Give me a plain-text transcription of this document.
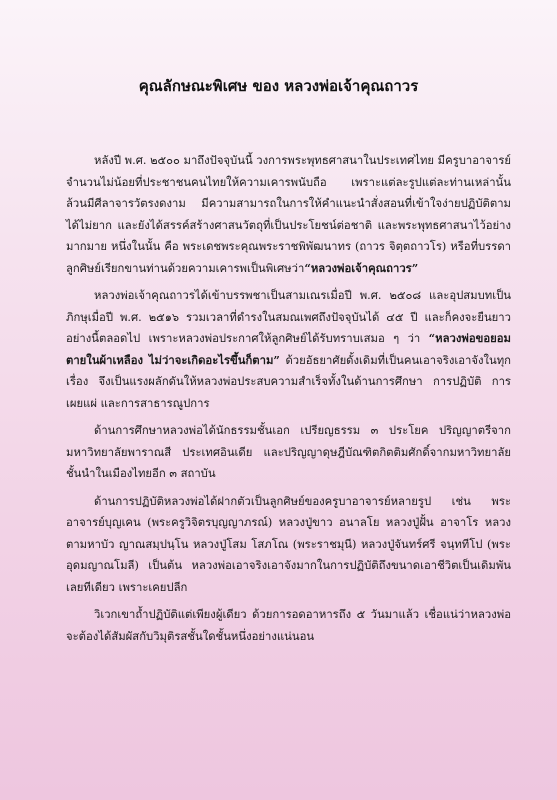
คุณลักษณะพิเศษ ของ หลวงพ่อเจ้าคุณถาวร

หลังปี พ.ศ. ๒๕๐๐ มาถึงปัจจุบันนี้ วงการพระพุทธศาสนาในประเทศไทย มีครูบาอาจารย์จำนวนไม่น้อยที่ประชาชนคนไทยให้ความเคารพนับถือ เพราะแต่ละรูปแต่ละท่านเหล่านั้น ล้วนมีศีลาจารวัตรงดงาม มีความสามารถในการให้คำแนะนำสั่งสอนที่เข้าใจง่ายปฏิบัติตามได้ไม่ยาก และยังได้สรรค์สร้างศาสนวัตถุที่เป็นประโยชน์ต่อชาติ และพระพุทธศาสนาไว้อย่างมากมาย หนึ่งในนั้น คือ พระเดชพระคุณพระราชพิพัฒนาทร (ถาวร จิตฺตถาวโร) หรือที่บรรดาลูกศิษย์เรียกขานท่านด้วยความเคารพเป็นพิเศษว่า“หลวงพ่อเจ้าคุณถาวร”

หลวงพ่อเจ้าคุณถาวรได้เข้าบรรพชาเป็นสามเณรเมื่อปี พ.ศ. ๒๕๐๘ และอุปสมบทเป็นภิกษุเมื่อปี พ.ศ. ๒๕๑๖ รวมเวลาที่ดำรงในสมณเพศถึงปัจจุบันได้ ๔๕ ปี และก็คงจะยืนยาวอย่างนี้ตลอดไป เพราะหลวงพ่อประกาศให้ลูกศิษย์ได้รับทราบเสมอ ๆ ว่า “หลวงพ่อขอยอมตายในผ้าเหลือง ไม่ว่าจะเกิดอะไรขึ้นก็ตาม” ด้วยอัธยาศัยดั้งเดิมที่เป็นคนเอาจริงเอาจังในทุกเรื่อง จึงเป็นแรงผลักดันให้หลวงพ่อประสบความสำเร็จทั้งในด้านการศึกษา การปฏิบัติ การเผยแผ่ และการสาธารณูปการ

ด้านการศึกษาหลวงพ่อได้นักธรรมชั้นเอก เปรียญธรรม ๓ ประโยค ปริญญาตรีจากมหาวิทยาลัยพาราณสี ประเทศอินเดีย และปริญญาดุษฎีบัณฑิตกิตติมศักดิ์จากมหาวิทยาลัยชั้นนำในเมืองไทยอีก ๓ สถาบัน

ด้านการปฏิบัติหลวงพ่อได้ฝากตัวเป็นลูกศิษย์ของครูบาอาจารย์หลายรูป เช่น พระอาจารย์บุญเคน (พระครูวิจิตรบุญญาภรณ์) หลวงปู่ขาว อนาลโย หลวงปู่ฝั้น อาจาโร หลวงตามหาบัว ญาณสมฺปนฺโน หลวงปู่โสม โสภโณ (พระราชมุนี) หลวงปู่จันทร์ศรี จนฺททีโป (พระอุดมญาณโมลี) เป็นต้น หลวงพ่อเอาจริงเอาจังมากในการปฏิบัติถึงขนาดเอาชีวิตเป็นเดิมพันเลยทีเดียว เพราะเคยปลีก

วิเวกเขาถ้ำปฏิบัติแต่เพียงผู้เดียว ด้วยการอดอาหารถึง ๕ วันมาแล้ว เชื่อแน่ว่าหลวงพ่อจะต้องได้สัมผัสกับวิมุติรสชั้นใดชั้นหนึ่งอย่างแน่นอน
